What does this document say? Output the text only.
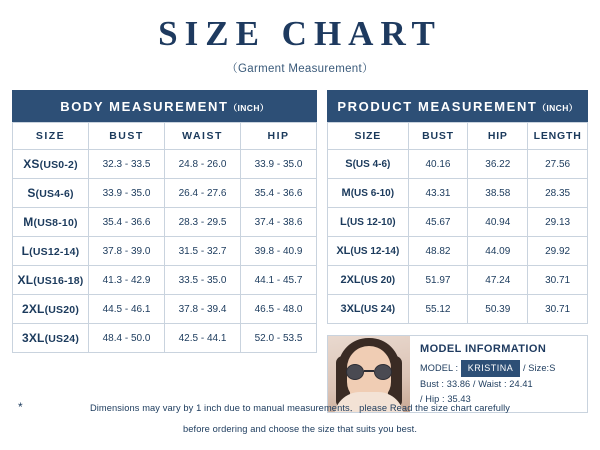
SIZE CHART
（Garment Measurement）
BODY MEASUREMENT（INCH）
SIZE	BUST	WAIST	HIP
XS(US0-2)	32.3 - 33.5	24.8 - 26.0	33.9 - 35.0
S(US4-6)	33.9 - 35.0	26.4 - 27.6	35.4 - 36.6
M(US8-10)	35.4 - 36.6	28.3 - 29.5	37.4 - 38.6
L(US12-14)	37.8 - 39.0	31.5 - 32.7	39.8 - 40.9
XL(US16-18)	41.3 - 42.9	33.5 - 35.0	44.1 - 45.7
2XL(US20)	44.5 - 46.1	37.8 - 39.4	46.5 - 48.0
3XL(US24)	48.4 - 50.0	42.5 - 44.1	52.0 - 53.5
PRODUCT MEASUREMENT（INCH）
SIZE	BUST	HIP	LENGTH
S(US 4-6)	40.16	36.22	27.56
M(US 6-10)	43.31	38.58	28.35
L(US 12-10)	45.67	40.94	29.13
XL(US 12-14)	48.82	44.09	29.92
2XL(US 20)	51.97	47.24	30.71
3XL(US 24)	55.12	50.39	30.71
MODEL INFORMATION
MODEL : KRISTINA / Size:S
Bust : 33.86 / Waist : 24.41
/ Hip : 35.43
*	Dimensions may vary by 1 inch due to manual measurements．please Read the size chart carefully
before ordering and choose the size that suits you best.
